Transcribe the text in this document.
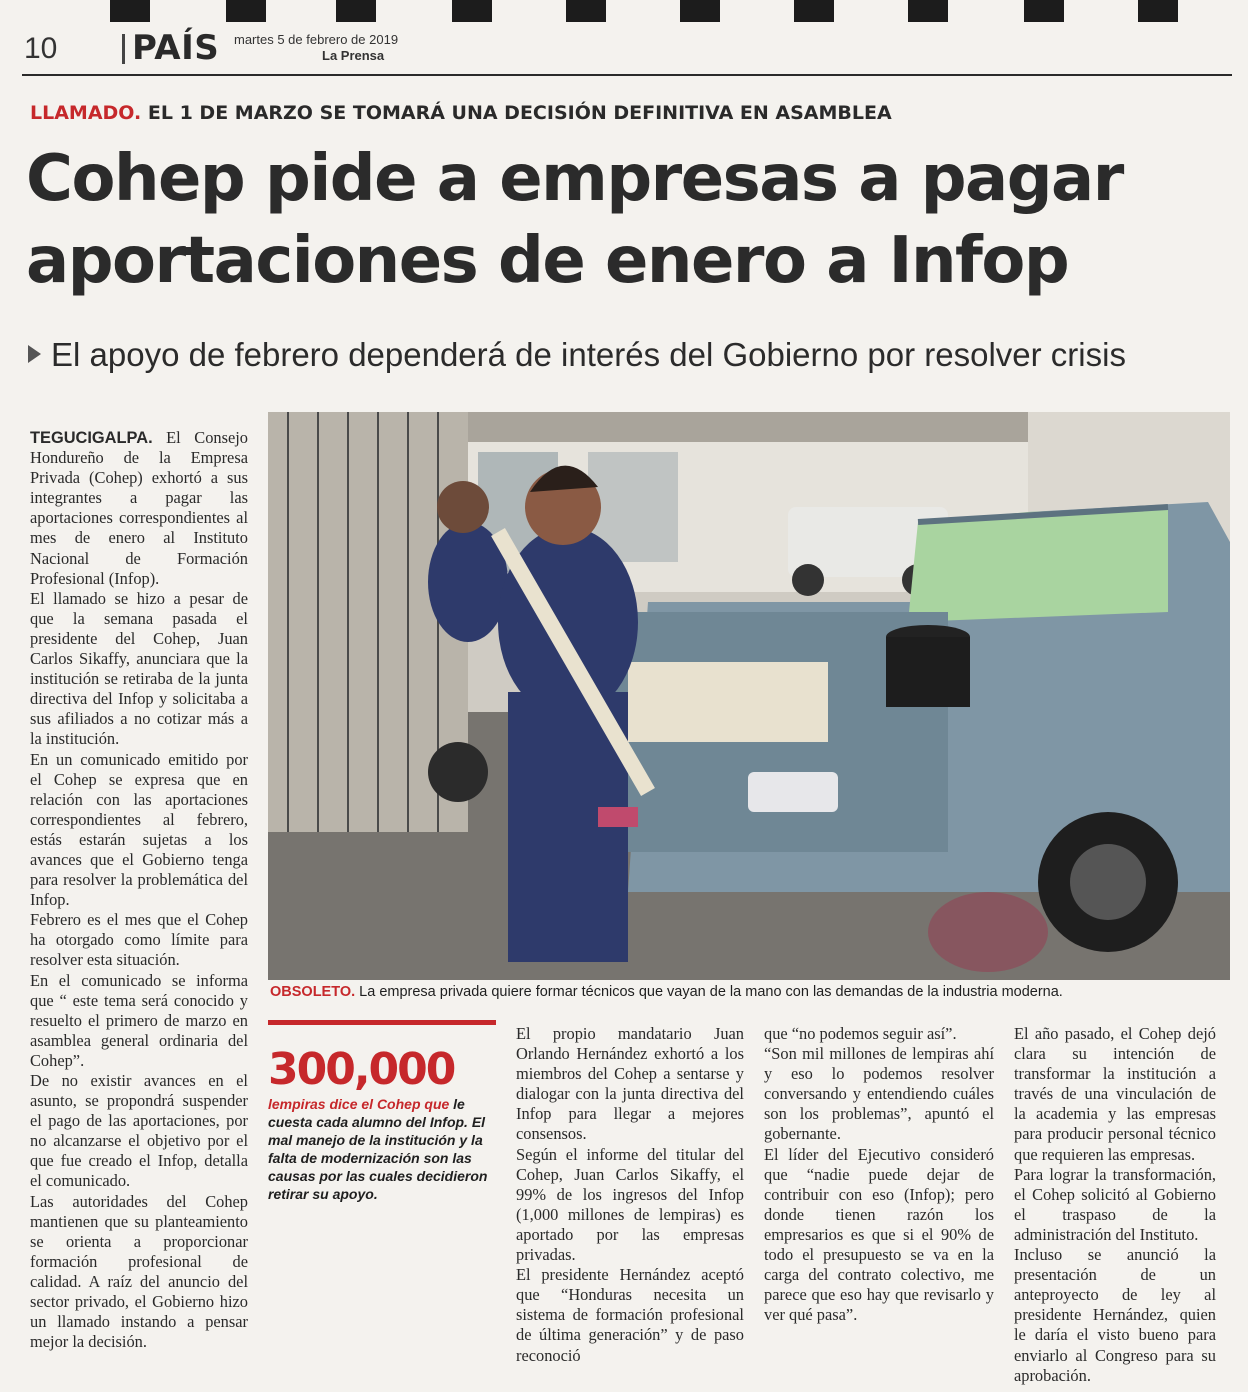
10 PAÍS martes 5 de febrero de 2019
La Prensa
LLAMADO. EL 1 DE MARZO SE TOMARÁ UNA DECISIÓN DEFINITIVA EN ASAMBLEA
Cohep pide a empresas a pagar
aportaciones de enero a Infop
El apoyo de febrero dependerá de interés del Gobierno por resolver crisis

TEGUCIGALPA. El Consejo Hondureño de la Empresa Privada (Cohep) exhortó a sus integrantes a pagar las aportaciones correspondientes al mes de enero al Instituto Nacional de Formación Profesional (Infop).

El llamado se hizo a pesar de que la semana pasada el presidente del Cohep, Juan Carlos Sikaffy, anunciara que la institución se retiraba de la junta directiva del Infop y solicitaba a sus afiliados a no cotizar más a la institución.

En un comunicado emitido por el Cohep se expresa que en relación con las aportaciones correspondientes al febrero, estás estarán sujetas a los avances que el Gobierno tenga para resolver la problemática del Infop.

Febrero es el mes que el Cohep ha otorgado como límite para resolver esta situación.

En el comunicado se informa que “ este tema será conocido y resuelto el primero de marzo en asamblea general ordinaria del Cohep”.

De no existir avances en el asunto, se propondrá suspender el pago de las aportaciones, por no alcanzarse el objetivo por el que fue creado el Infop, detalla el comunicado.

Las autoridades del Cohep mantienen que su planteamiento se orienta a proporcionar formación profesional de calidad. A raíz del anuncio del sector privado, el Gobierno hizo un llamado instando a pensar mejor la decisión.

OBSOLETO. La empresa privada quiere formar técnicos que vayan de la mano con las demandas de la industria moderna.
300,000
lempiras dice el Cohep que le cuesta cada alumno del Infop. El mal manejo de la institución y la falta de modernización son las causas por las cuales decidieron retirar su apoyo.

El propio mandatario Juan Orlando Hernández exhortó a los miembros del Cohep a sentarse y dialogar con la junta directiva del Infop para llegar a mejores consensos.

Según el informe del titular del Cohep, Juan Carlos Sikaffy, el 99% de los ingresos del Infop (1,000 millones de lempiras) es aportado por las empresas privadas.

El presidente Hernández aceptó que “Honduras necesita un sistema de formación profesional de última generación” y de paso reconoció

que “no podemos seguir así”.

“Son mil millones de lempiras ahí y eso lo podemos resolver conversando y entendiendo cuáles son los problemas”, apuntó el gobernante.

El líder del Ejecutivo consideró que “nadie puede dejar de contribuir con eso (Infop); pero donde tienen razón los empresarios es que si el 90% de todo el presupuesto se va en la carga del contrato colectivo, me parece que eso hay que revisarlo y ver qué pasa”.

El año pasado, el Cohep dejó clara su intención de transformar la institución a través de una vinculación de la academia y las empresas para producir personal técnico que requieren las empresas.

Para lograr la transformación, el Cohep solicitó al Gobierno el traspaso de la administración del Instituto.

Incluso se anunció la presentación de un anteproyecto de ley al presidente Hernández, quien le daría el visto bueno para enviarlo al Congreso para su aprobación.
